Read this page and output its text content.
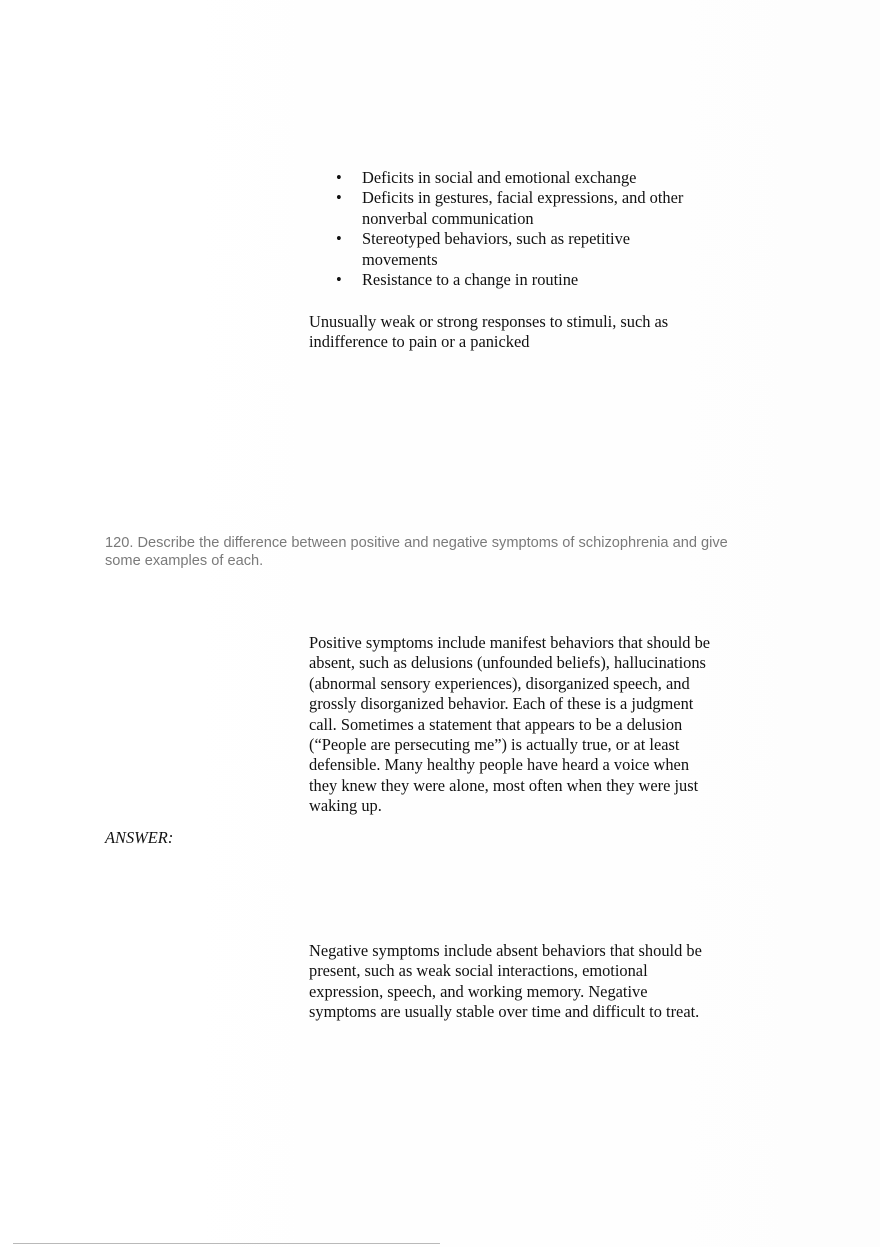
• Deficits in social and emotional exchange
• Deficits in gestures, facial expressions, and other nonverbal communication
• Stereotyped behaviors, such as repetitive movements
• Resistance to a change in routine
Unusually weak or strong responses to stimuli, such as indifference to pain or a panicked
120. Describe the difference between positive and negative symptoms of schizophrenia and give some examples of each.
ANSWER:
Positive symptoms include manifest behaviors that should be absent, such as delusions (unfounded beliefs), hallucinations (abnormal sensory experiences), disorganized speech, and grossly disorganized behavior. Each of these is a judgment call. Sometimes a statement that appears to be a delusion (“People are persecuting me”) is actually true, or at least defensible. Many healthy people have heard a voice when they knew they were alone, most often when they were just waking up.
Negative symptoms include absent behaviors that should be present, such as weak social interactions, emotional expression, speech, and working memory. Negative symptoms are usually stable over time and difficult to treat.
